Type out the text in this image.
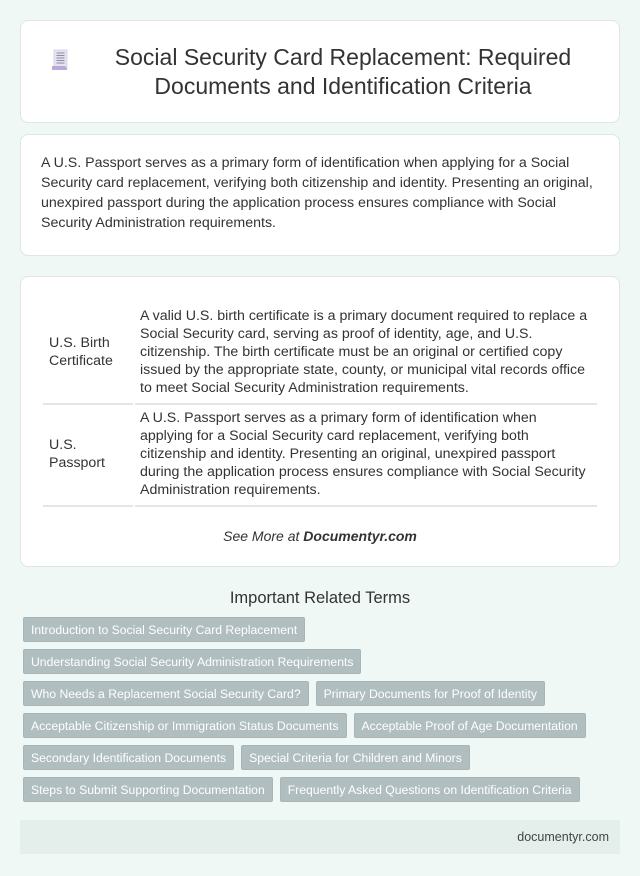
Social Security Card Replacement: Required Documents and Identification Criteria

A U.S. Passport serves as a primary form of identification when applying for a Social Security card replacement, verifying both citizenship and identity. Presenting an original, unexpired passport during the application process ensures compliance with Social Security Administration requirements.

U.S. Birth Certificate	A valid U.S. birth certificate is a primary document required to replace a Social Security card, serving as proof of identity, age, and U.S. citizenship. The birth certificate must be an original or certified copy issued by the appropriate state, county, or municipal vital records office to meet Social Security Administration requirements.
U.S. Passport	A U.S. Passport serves as a primary form of identification when applying for a Social Security card replacement, verifying both citizenship and identity. Presenting an original, unexpired passport during the application process ensures compliance with Social Security Administration requirements.

See More at Documentyr.com

Important Related Terms
Introduction to Social Security Card Replacement
Understanding Social Security Administration Requirements
Who Needs a Replacement Social Security Card?	Primary Documents for Proof of Identity
Acceptable Citizenship or Immigration Status Documents	Acceptable Proof of Age Documentation
Secondary Identification Documents	Special Criteria for Children and Minors
Steps to Submit Supporting Documentation	Frequently Asked Questions on Identification Criteria
documentyr.com
